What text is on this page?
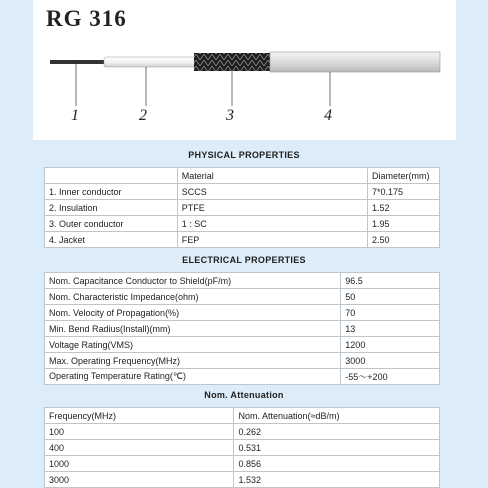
RG 316
1	2	3	4
PHYSICAL PROPERTIES
	Material	Diameter(mm)
1. Inner conductor	SCCS	7*0.175
2. Insulation	PTFE	1.52
3. Outer conductor	1 : SC	1.95
4. Jacket	FEP	2.50
ELECTRICAL PROPERTIES
Nom. Capacitance Conductor to Shield(pF/m)	96.5
Nom. Characteristic Impedance(ohm)	50
Nom. Velocity of Propagation(%)	70
Min. Bend Radius(Install)(mm)	13
Voltage Rating(VMS)	1200
Max. Operating Frequency(MHz)	3000
Operating Temperature Rating(℃)	-55～+200
Nom. Attenuation
Frequency(MHz)	Nom. Attenuation(≈dB/m)
100	0.262
400	0.531
1000	0.856
3000	1.532
